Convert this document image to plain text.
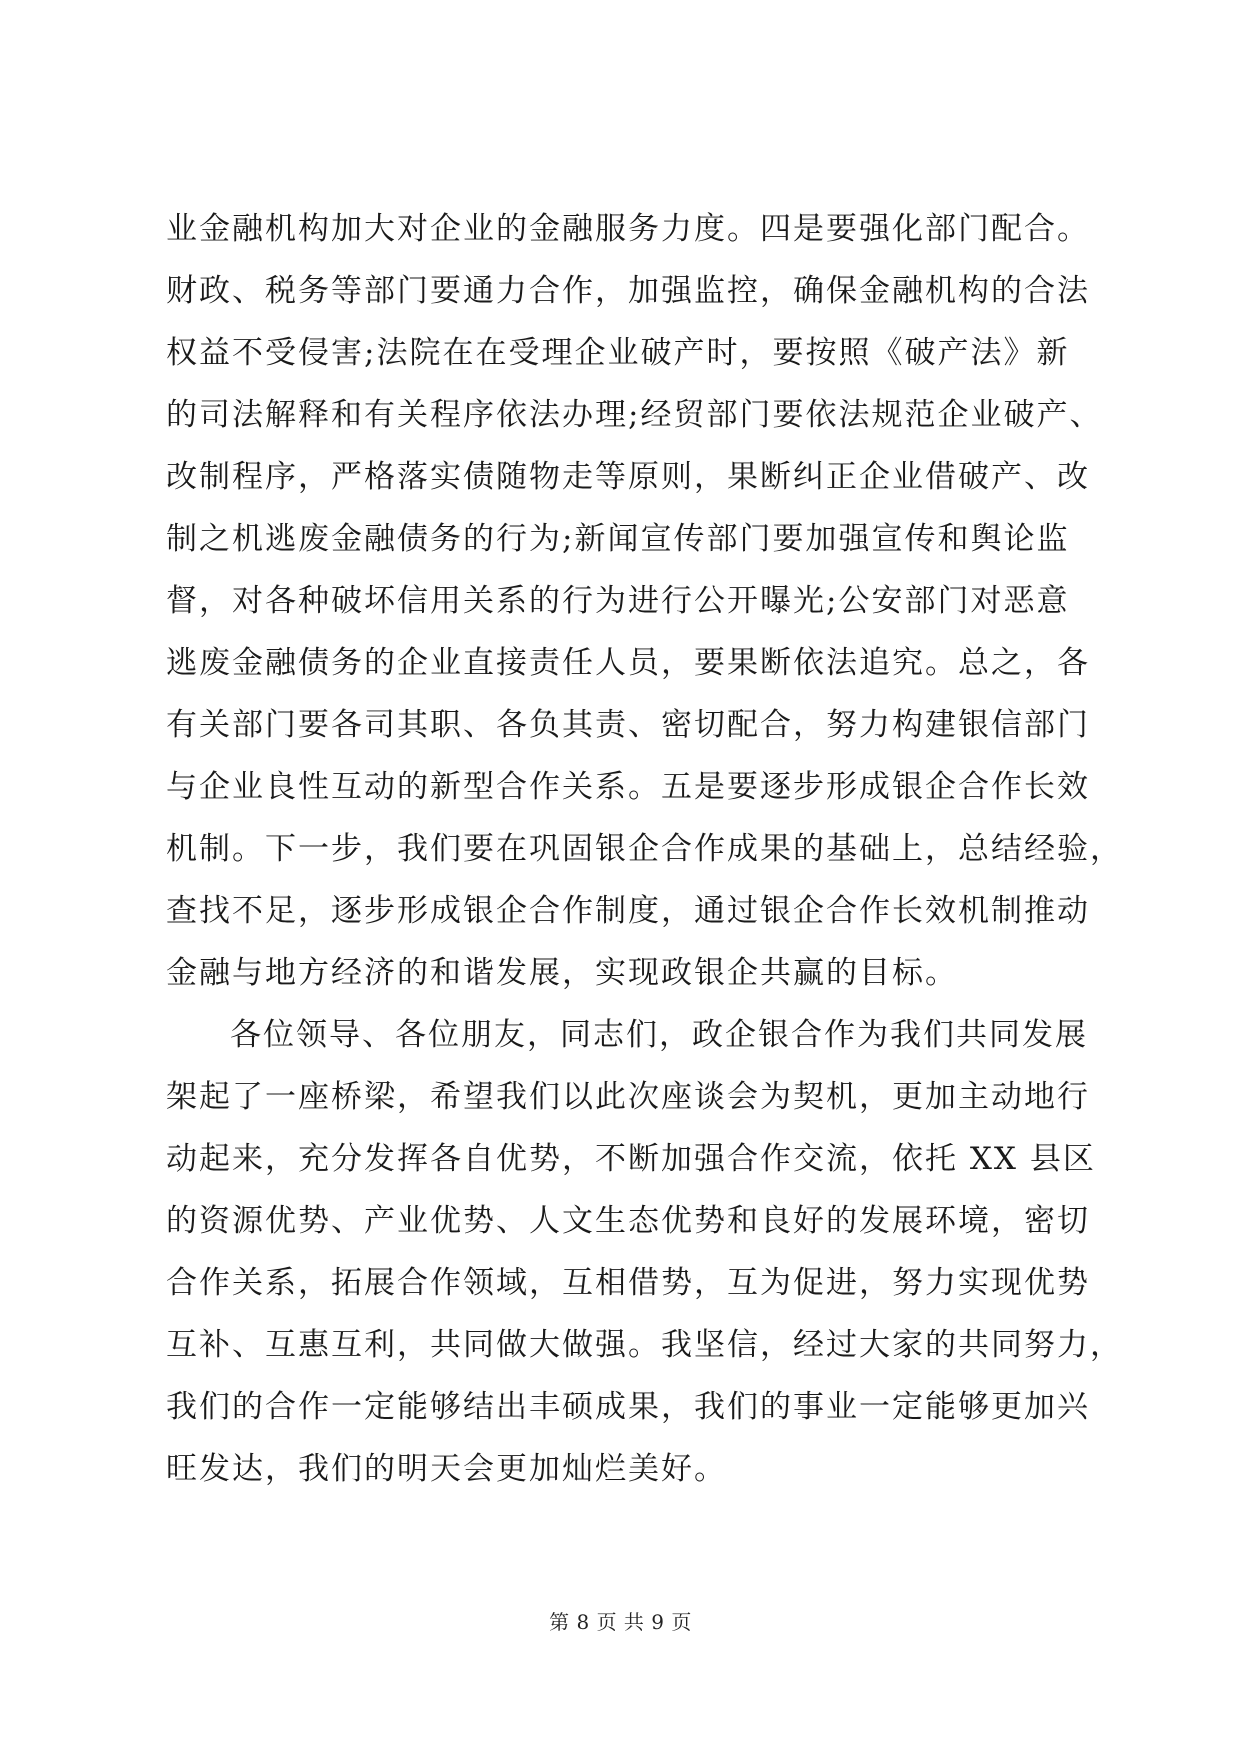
业金融机构加大对企业的金融服务力度。四是要强化部门配合。
财政、税务等部门要通力合作，加强监控，确保金融机构的合法
权益不受侵害;法院在在受理企业破产时，要按照《破产法》新
的司法解释和有关程序依法办理;经贸部门要依法规范企业破产、
改制程序，严格落实债随物走等原则，果断纠正企业借破产、改
制之机逃废金融债务的行为;新闻宣传部门要加强宣传和舆论监
督，对各种破坏信用关系的行为进行公开曝光;公安部门对恶意
逃废金融债务的企业直接责任人员，要果断依法追究。总之，各
有关部门要各司其职、各负其责、密切配合，努力构建银信部门
与企业良性互动的新型合作关系。五是要逐步形成银企合作长效
机制。下一步，我们要在巩固银企合作成果的基础上，总结经验，
查找不足，逐步形成银企合作制度，通过银企合作长效机制推动
金融与地方经济的和谐发展，实现政银企共赢的目标。
各位领导、各位朋友，同志们，政企银合作为我们共同发展
架起了一座桥梁，希望我们以此次座谈会为契机，更加主动地行
动起来，充分发挥各自优势，不断加强合作交流，依托 XX 县区
的资源优势、产业优势、人文生态优势和良好的发展环境，密切
合作关系，拓展合作领域，互相借势，互为促进，努力实现优势
互补、互惠互利，共同做大做强。我坚信，经过大家的共同努力，
我们的合作一定能够结出丰硕成果，我们的事业一定能够更加兴
旺发达，我们的明天会更加灿烂美好。
第 8 页 共 9 页
